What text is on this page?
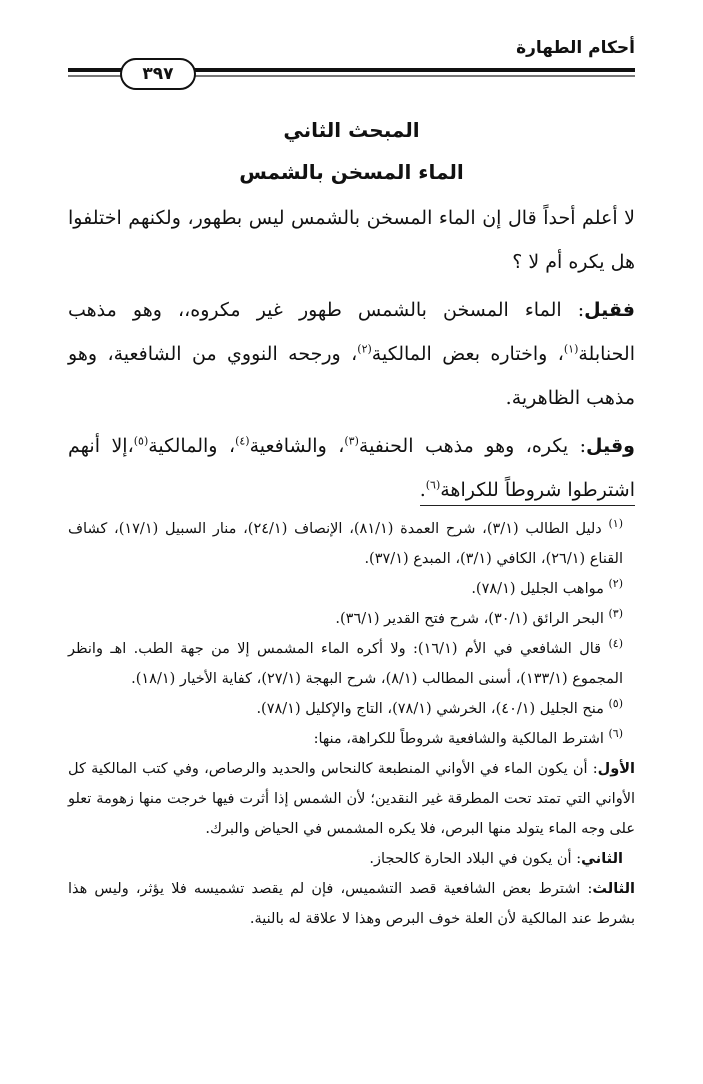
أحكام الطهارة
٣٩٧
المبحث الثاني
الماء المسخن بالشمس

لا أعلم أحداً قال إن الماء المسخن بالشمس ليس بطهور، ولكنهم اختلفوا هل يكره أم لا ؟

فقيل: الماء المسخن بالشمس طهور غير مكروه،، وهو مذهب الحنابلة$^{(١)}$، واختاره بعض المالكية$^{(٢)}$، ورجحه النووي من الشافعية، وهو مذهب الظاهرية.

وقيل: يكره، وهو مذهب الحنفية$^{(٣)}$، والشافعية$^{(٤)}$، والمالكية$^{(٥)}$،إلا أنهم اشترطوا شروطاً للكراهة$^{(٦)}$.

$^{(١)}$ دليل الطالب (٣/١)، شرح العمدة (٨١/١)، الإنصاف (٢٤/١)، منار السبيل (١٧/١)، كشاف القناع (٢٦/١)، الكافي (٣/١)، المبدع (٣٧/١).

$^{(٢)}$ مواهب الجليل (٧٨/١).

$^{(٣)}$ البحر الرائق (٣٠/١)، شرح فتح القدير (٣٦/١).

$^{(٤)}$ قال الشافعي في الأم (١٦/١): ولا أكره الماء المشمس إلا من جهة الطب. اهـ وانظر المجموع (١٣٣/١)، أسنى المطالب (٨/١)، شرح البهجة (٢٧/١)، كفاية الأخيار (١٨/١).

$^{(٥)}$ منح الجليل (٤٠/١)، الخرشي (٧٨/١)، التاج والإكليل (٧٨/١).

$^{(٦)}$ اشترط المالكية والشافعية شروطاً للكراهة، منها:

الأول: أن يكون الماء في الأواني المنطبعة كالنحاس والحديد والرصاص، وفي كتب المالكية كل الأواني التي تمتد تحت المطرقة غير النقدين؛ لأن الشمس إذا أثرت فيها خرجت منها زهومة تعلو على وجه الماء يتولد منها البرص، فلا يكره المشمس في الحياض والبرك.

الثاني: أن يكون في البلاد الحارة كالحجاز.

الثالث: اشترط بعض الشافعية قصد التشميس، فإن لم يقصد تشميسه فلا يؤثر، وليس هذا بشرط عند المالكية لأن العلة خوف البرص وهذا لا علاقة له بالنية.
